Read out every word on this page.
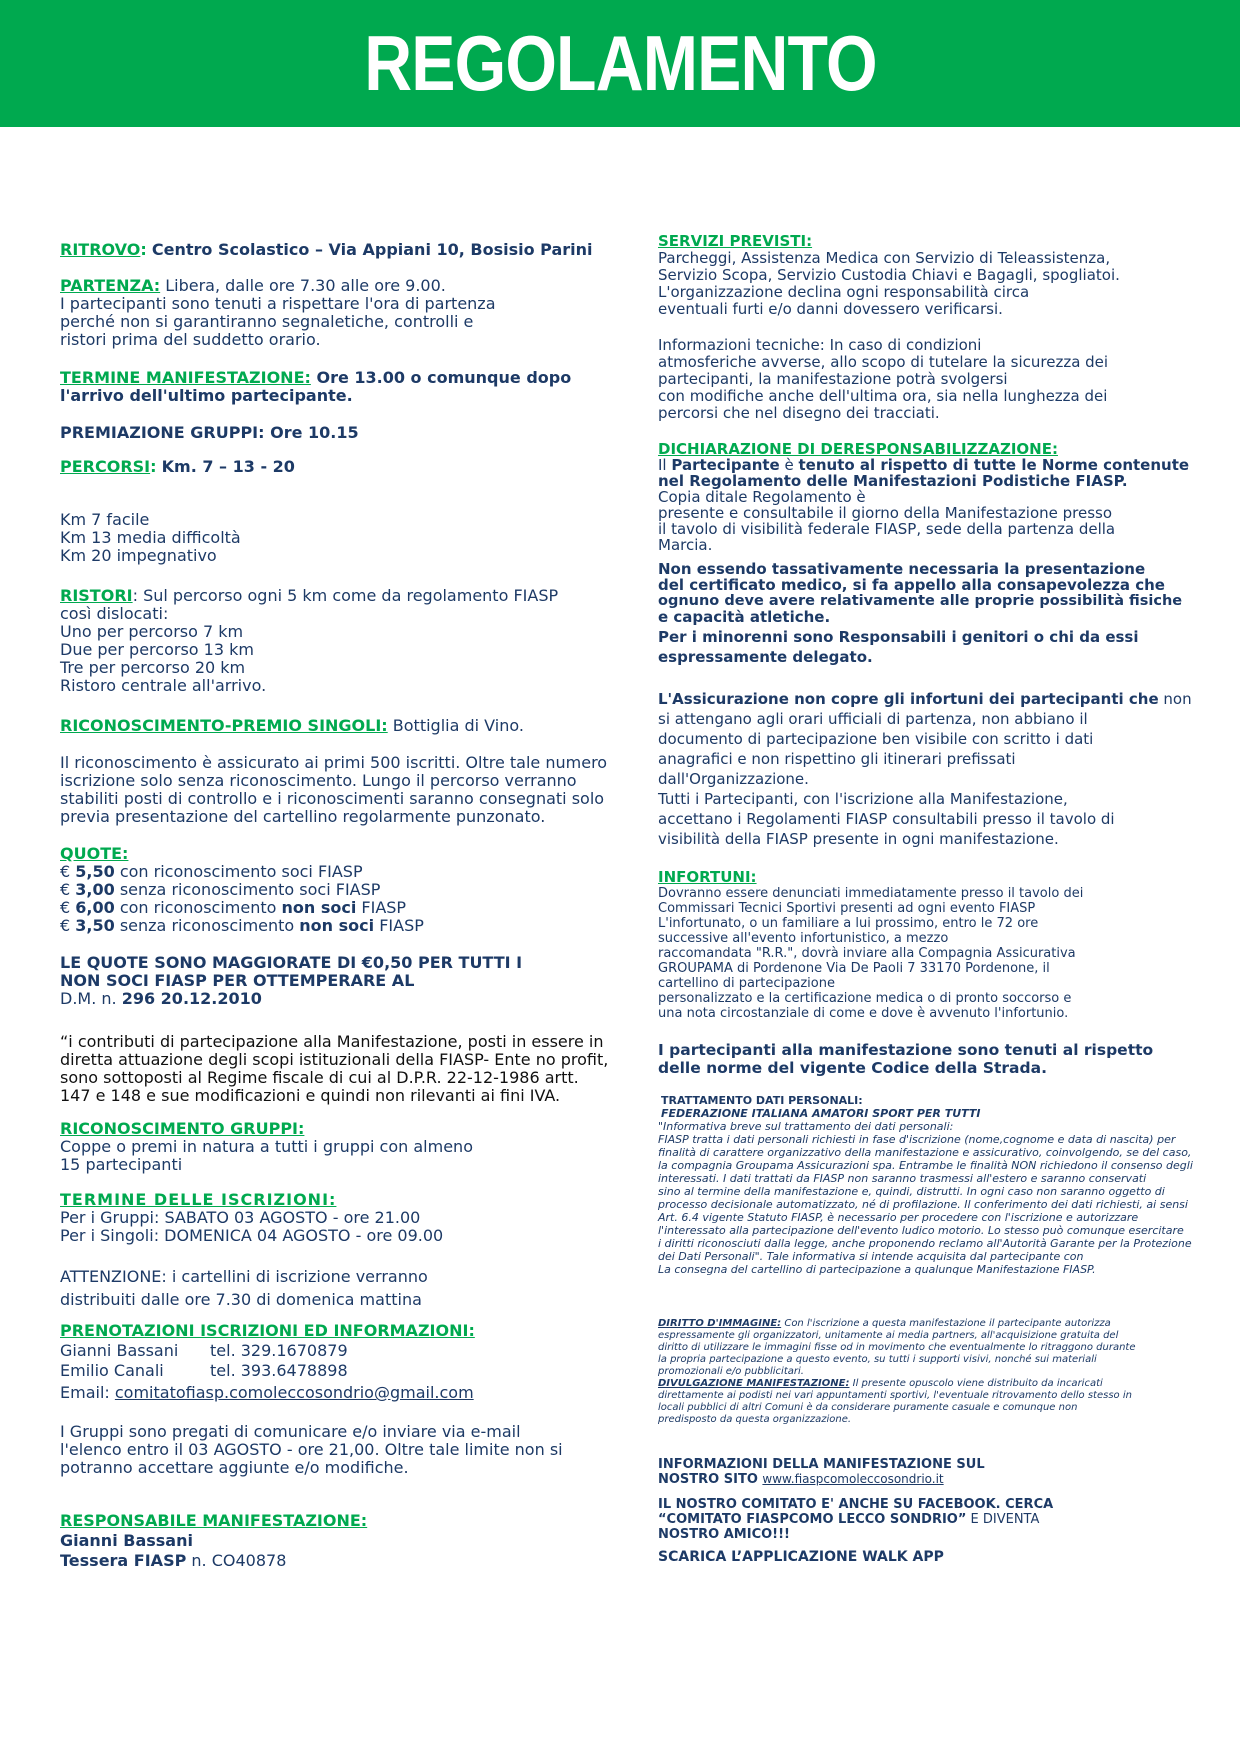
REGOLAMENTO
RITROVO: Centro Scolastico – Via Appiani 10, Bosisio Parini

PARTENZA: Libera, dalle ore 7.30 alle ore 9.00.

I partecipanti sono tenuti a rispettare l'ora di partenza

perché non si garantiranno segnaletiche, controlli e

ristori prima del suddetto orario.

TERMINE MANIFESTAZIONE: Ore 13.00 o comunque dopo

l'arrivo dell'ultimo partecipante.

PREMIAZIONE GRUPPI: Ore 10.15
PERCORSI: Km. 7 – 13 - 20

Km 7 facile

Km 13 media difficoltà

Km 20 impegnativo

RISTORI: Sul percorso ogni 5 km come da regolamento FIASP

così dislocati:

Uno per percorso 7 km

Due per percorso 13 km

Tre per percorso 20 km

Ristoro centrale all'arrivo.

RICONOSCIMENTO-PREMIO SINGOLI: Bottiglia di Vino.

Il riconoscimento è assicurato ai primi 500 iscritti. Oltre tale numero

iscrizione solo senza riconoscimento. Lungo il percorso verranno

stabiliti posti di controllo e i riconoscimenti saranno consegnati solo

previa presentazione del cartellino regolarmente punzonato.

QUOTE:

€ 5,50 con riconoscimento soci FIASP

€ 3,00 senza riconoscimento soci FIASP

€ 6,00 con riconoscimento non soci FIASP

€ 3,50 senza riconoscimento non soci FIASP

LE QUOTE SONO MAGGIORATE DI €0,50 PER TUTTI I

NON SOCI FIASP PER OTTEMPERARE AL

D.M. n. 296 20.12.2010

“i contributi di partecipazione alla Manifestazione, posti in essere in

diretta attuazione degli scopi istituzionali della FIASP- Ente no profit,

sono sottoposti al Regime fiscale di cui al D.P.R. 22-12-1986 artt.

147 e 148 e sue modificazioni e quindi non rilevanti ai fini IVA.

RICONOSCIMENTO GRUPPI:

Coppe o premi in natura a tutti i gruppi con almeno

15 partecipanti

TERMINE DELLE ISCRIZIONI:

Per i Gruppi: SABATO 03 AGOSTO - ore 21.00

Per i Singoli: DOMENICA 04 AGOSTO - ore 09.00

ATTENZIONE: i cartellini di iscrizione verranno

distribuiti dalle ore 7.30 di domenica mattina

PRENOTAZIONI ISCRIZIONI ED INFORMAZIONI:

Gianni Bassani tel. 329.1670879

Emilio Canali	tel. 393.6478898

Email: comitatofiasp.comoleccosondrio@gmail.com

I Gruppi sono pregati di comunicare e/o inviare via e-mail

l'elenco entro il 03 AGOSTO - ore 21,00. Oltre tale limite non si

potranno accettare aggiunte e/o modifiche.

RESPONSABILE MANIFESTAZIONE:

Gianni Bassani

Tessera FIASP n. CO40878

SERVIZI PREVISTI:

Parcheggi, Assistenza Medica con Servizio di Teleassistenza,

Servizio Scopa, Servizio Custodia Chiavi e Bagagli, spogliatoi.

L'organizzazione declina ogni responsabilità circa

eventuali furti e/o danni dovessero verificarsi.

Informazioni tecniche: In caso di condizioni

atmosferiche avverse, allo scopo di tutelare la sicurezza dei

partecipanti, la manifestazione potrà svolgersi

con modifiche anche dell'ultima ora, sia nella lunghezza dei

percorsi che nel disegno dei tracciati.

DICHIARAZIONE DI DERESPONSABILIZZAZIONE:

Il Partecipante è tenuto al rispetto di tutte le Norme contenute

nel Regolamento delle Manifestazioni Podistiche FIASP.

Copia ditale Regolamento è

presente e consultabile il giorno della Manifestazione presso

il tavolo di visibilità federale FIASP, sede della partenza della

Marcia.

Non essendo tassativamente necessaria la presentazione

del certificato medico, si fa appello alla consapevolezza che

ognuno deve avere relativamente alle proprie possibilità fisiche

e capacità atletiche.

Per i minorenni sono Responsabili i genitori o chi da essi

espressamente delegato.

L'Assicurazione non copre gli infortuni dei partecipanti che non

si attengano agli orari ufficiali di partenza, non abbiano il

documento di partecipazione ben visibile con scritto i dati

anagrafici e non rispettino gli itinerari prefissati

dall'Organizzazione.

Tutti i Partecipanti, con l'iscrizione alla Manifestazione,

accettano i Regolamenti FIASP consultabili presso il tavolo di

visibilità della FIASP presente in ogni manifestazione.

INFORTUNI:

Dovranno essere denunciati immediatamente presso il tavolo dei

Commissari Tecnici Sportivi presenti ad ogni evento FIASP

L'infortunato, o un familiare a lui prossimo, entro le 72 ore

successive all'evento infortunistico, a mezzo

raccomandata "R.R.", dovrà inviare alla Compagnia Assicurativa

GROUPAMA di Pordenone Via De Paoli 7 33170 Pordenone, il

cartellino di partecipazione

personalizzato e la certificazione medica o di pronto soccorso e

una nota circostanziale di come e dove è avvenuto l'infortunio.

I partecipanti alla manifestazione sono tenuti al rispetto

delle norme del vigente Codice della Strada.

TRATTAMENTO DATI PERSONALI:

FEDERAZIONE ITALIANA AMATORI SPORT PER TUTTI

"Informativa breve sul trattamento dei dati personali:

FIASP tratta i dati personali richiesti in fase d'iscrizione (nome,cognome e data di nascita) per

finalità di carattere organizzativo della manifestazione e assicurativo, coinvolgendo, se del caso,

la compagnia Groupama Assicurazioni spa. Entrambe le finalità NON richiedono il consenso degli

interessati. I dati trattati da FIASP non saranno trasmessi all'estero e saranno conservati

sino al termine della manifestazione e, quindi, distrutti. In ogni caso non saranno oggetto di

processo decisionale automatizzato, né di profilazione. Il conferimento dei dati richiesti, ai sensi

Art. 6.4 vigente Statuto FIASP, è necessario per procedere con l'iscrizione e autorizzare

l'interessato alla partecipazione dell'evento ludico motorio. Lo stesso può comunque esercitare

i diritti riconosciuti dalla legge, anche proponendo reclamo all'Autorità Garante per la Protezione

dei Dati Personali". Tale informativa si intende acquisita dal partecipante con

La consegna del cartellino di partecipazione a qualunque Manifestazione FIASP.

DIRITTO D'IMMAGINE: Con l'iscrizione a questa manifestazione il partecipante autorizza

espressamente gli organizzatori, unitamente ai media partners, all'acquisizione gratuita del

diritto di utilizzare le immagini fisse od in movimento che eventualmente lo ritraggono durante

la propria partecipazione a questo evento, su tutti i supporti visivi, nonché sui materiali

promozionali e/o pubblicitari.

DIVULGAZIONE MANIFESTAZIONE: Il presente opuscolo viene distribuito da incaricati

direttamente ai podisti nei vari appuntamenti sportivi, l'eventuale ritrovamento dello stesso in

locali pubblici di altri Comuni è da considerare puramente casuale e comunque non

predisposto da questa organizzazione.

INFORMAZIONI DELLA MANIFESTAZIONE SUL

NOSTRO SITO www.fiaspcomoleccosondrio.it

IL NOSTRO COMITATO E' ANCHE SU FACEBOOK. CERCA

“COMITATO FIASPCOMO LECCO SONDRIO” E DIVENTA

NOSTRO AMICO!!!

SCARICA L’APPLICAZIONE WALK APP
